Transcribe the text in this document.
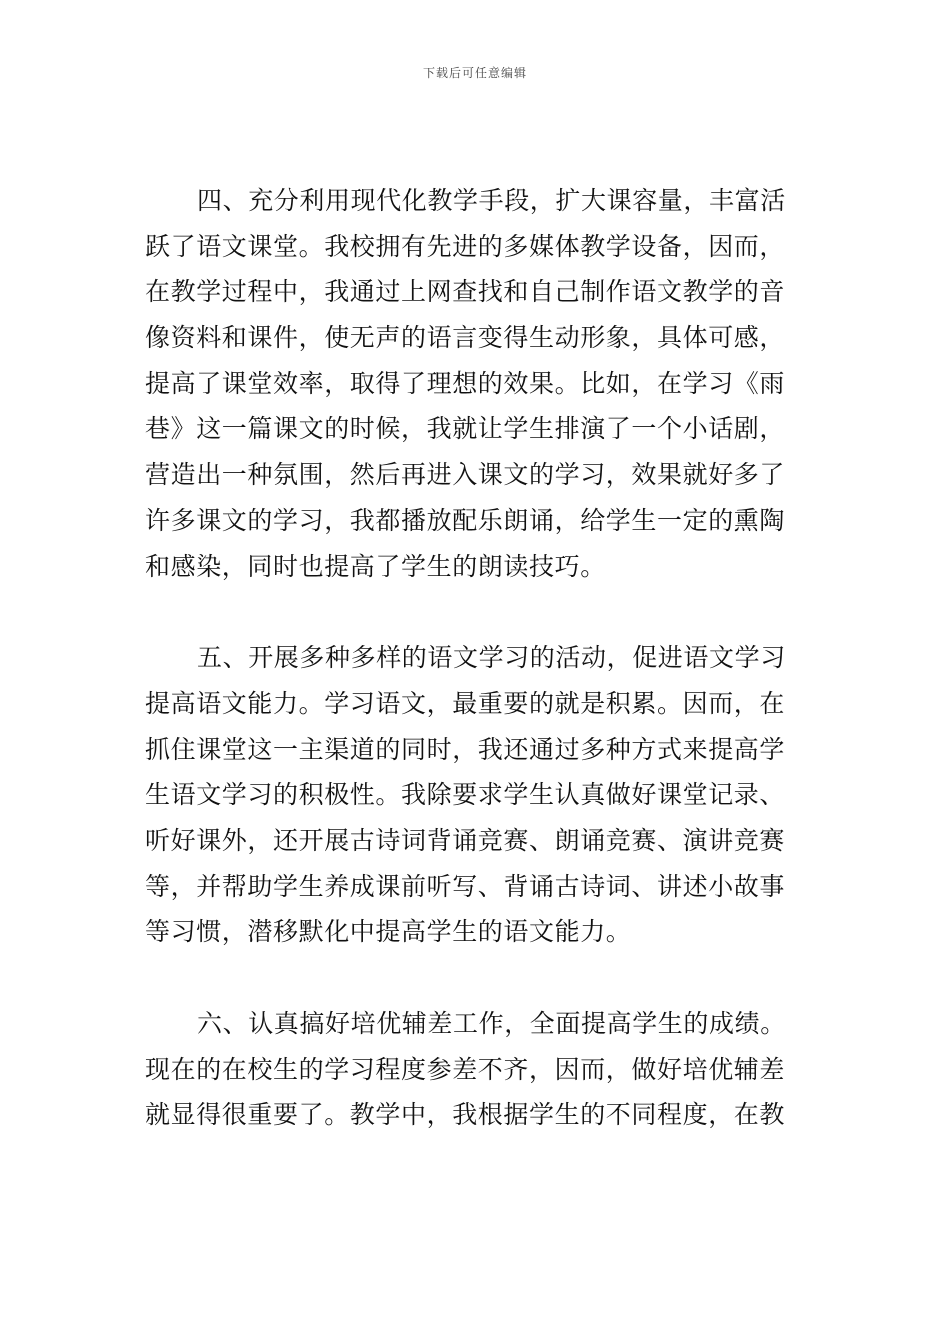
下载后可任意编辑

四、充分利用现代化教学手段，扩大课容量，丰富活
跃了语文课堂。我校拥有先进的多媒体教学设备，因而，
在教学过程中，我通过上网查找和自己制作语文教学的音
像资料和课件，使无声的语言变得生动形象，具体可感，
提高了课堂效率，取得了理想的效果。比如，在学习《雨
巷》这一篇课文的时候，我就让学生排演了一个小话剧，
营造出一种氛围，然后再进入课文的学习，效果就好多了
许多课文的学习，我都播放配乐朗诵，给学生一定的熏陶
和感染，同时也提高了学生的朗读技巧。

五、开展多种多样的语文学习的活动，促进语文学习
提高语文能力。学习语文，最重要的就是积累。因而，在
抓住课堂这一主渠道的同时，我还通过多种方式来提高学
生语文学习的积极性。我除要求学生认真做好课堂记录、
听好课外，还开展古诗词背诵竞赛、朗诵竞赛、演讲竞赛
等，并帮助学生养成课前听写、背诵古诗词、讲述小故事
等习惯，潜移默化中提高学生的语文能力。

六、认真搞好培优辅差工作，全面提高学生的成绩。
现在的在校生的学习程度参差不齐，因而，做好培优辅差
就显得很重要了。教学中，我根据学生的不同程度，在教
